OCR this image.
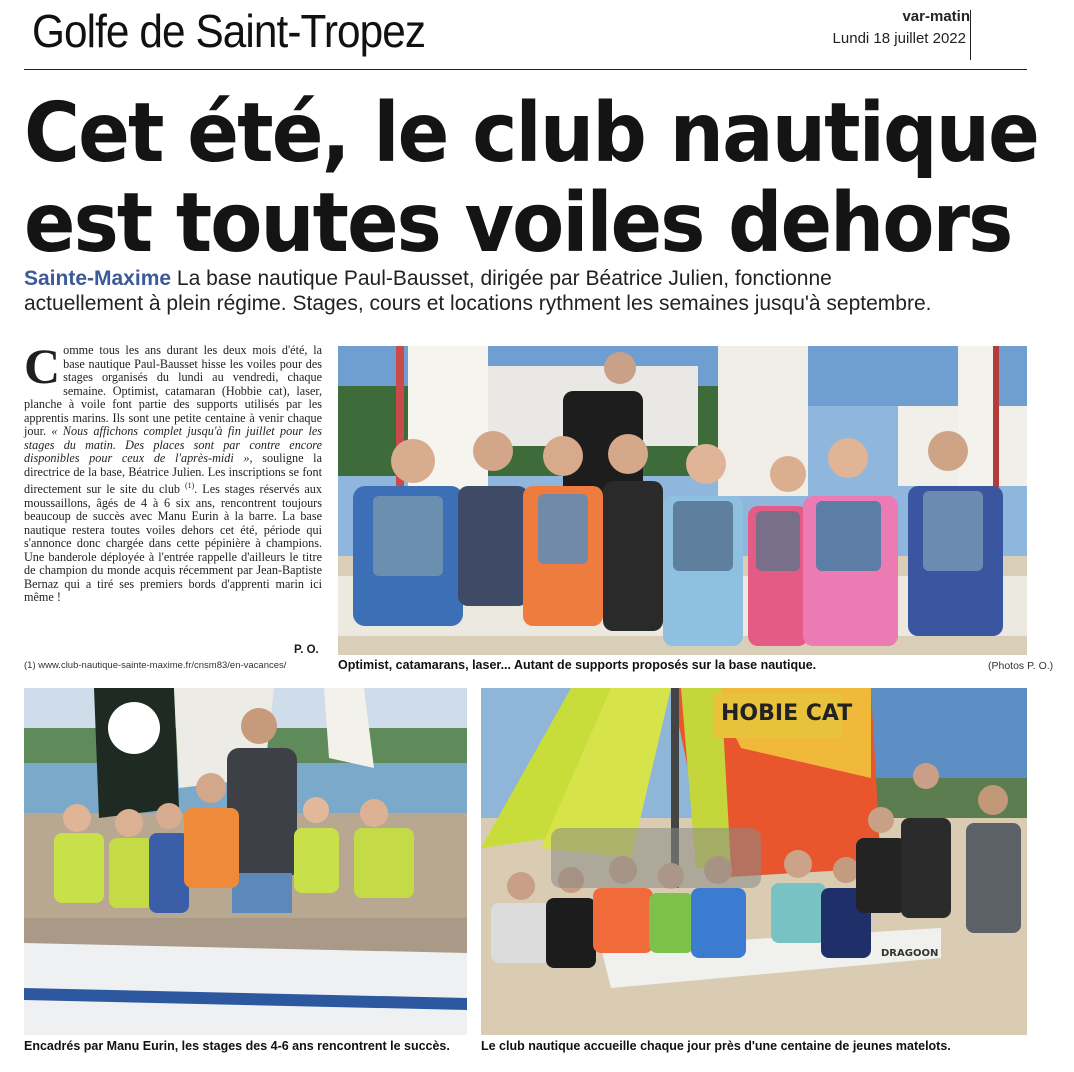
Golfe de Saint-Tropez	var-matin
Lundi 18 juillet 2022
Cet été, le club nautique
est toutes voiles dehors
Sainte-Maxime La base nautique Paul-Bausset, dirigée par Béatrice Julien, fonctionne
actuellement à plein régime. Stages, cours et locations rythment les semaines jusqu'à septembre.
Comme tous les ans durant les deux mois d'été, la base nautique Paul-Bausset hisse les voiles pour des stages organisés du lundi au vendredi, chaque semaine. Optimist, catamaran (Hobbie cat), laser, planche à voile font partie des supports utilisés par les apprentis marins. Ils sont une petite centaine à venir chaque jour. « Nous affichons complet jusqu'à fin juillet pour les stages du matin. Des places sont par contre encore disponibles pour ceux de l'après-midi », souligne la directrice de la base, Béatrice Julien. Les inscriptions se font directement sur le site du club $^{(1)}$. Les stages réservés aux moussaillons, âgés de 4 à 6 six ans, rencontrent toujours beaucoup de succès avec Manu Eurin à la barre. La base nautique restera toutes voiles dehors cet été, période qui s'annonce donc chargée dans cette pépinière à champions. Une banderole déployée à l'entrée rappelle d'ailleurs le titre de champion du monde acquis récemment par Jean-Baptiste Bernaz qui a tiré ses premiers bords d'apprenti marin ici même !
P. O.
(1) www.club-nautique-sainte-maxime.fr/cnsm83/en-vacances/	Optimist, catamarans, laser... Autant de supports proposés sur la base nautique.	(Photos P. O.)
Encadrés par Manu Eurin, les stages des 4-6 ans rencontrent le succès.
HOBIE CAT
DRAGOON
Le club nautique accueille chaque jour près d'une centaine de jeunes matelots.
